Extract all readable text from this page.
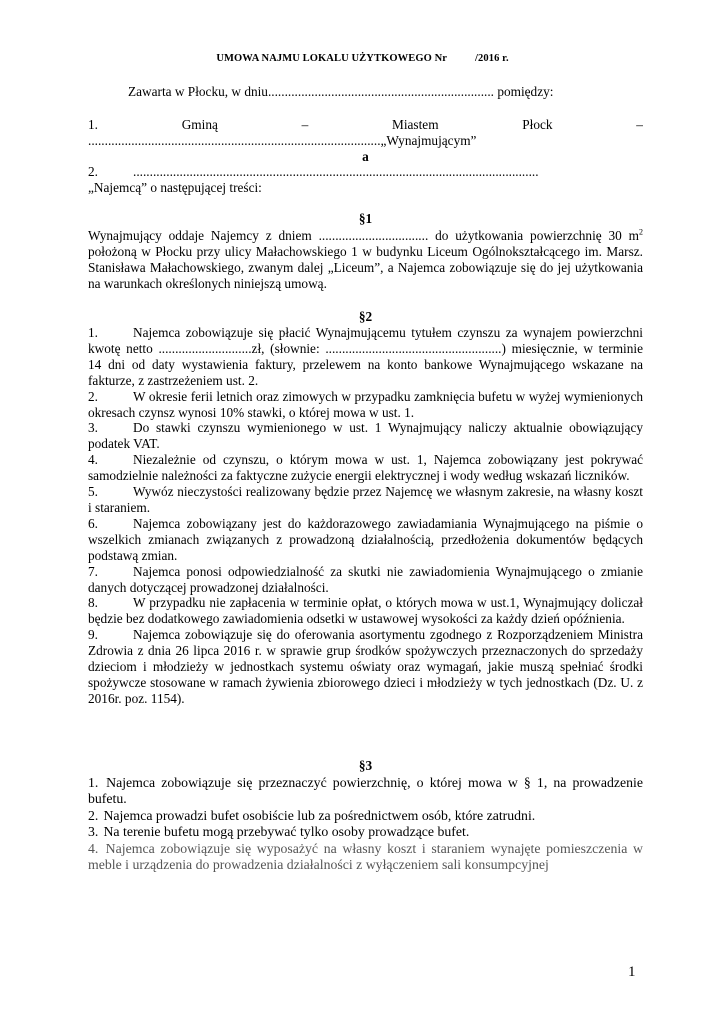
UMOWA NAJMU LOKALU UŻYTKOWEGO Nr	/2016 r.
Zawarta w Płocku, w dniu.................................................................... pomiędzy:
1.	Gminą	–	Miastem	Płock	–
........................................................................................„Wynajmującym”
a
2.	..........................................................................................................................
„Najemcą” o następującej treści:
§1

Wynajmujący oddaje Najemcy z dniem ................................. do użytkowania powierzchnię 30 $m^2$ położoną w Płocku przy ulicy Małachowskiego 1 w budynku Liceum Ogólnokształcącego im. Marsz. Stanisława Małachowskiego, zwanym dalej „Liceum”, a Najemca zobowiązuje się do jej użytkowania na warunkach określonych niniejszą umową.

§2

1.	Najemca zobowiązuje się płacić Wynajmującemu tytułem czynszu za wynajem powierzchni kwotę netto ............................zł, (słownie: .....................................................) miesięcznie, w terminie 14 dni od daty wystawienia faktury, przelewem na konto bankowe Wynajmującego wskazane na fakturze, z zastrzeżeniem ust. 2.

2.	W okresie ferii letnich oraz zimowych w przypadku zamknięcia bufetu w wyżej wymienionych okresach czynsz wynosi 10% stawki, o której mowa w ust. 1.

3.	Do stawki czynszu wymienionego w ust. 1 Wynajmujący naliczy aktualnie obowiązujący podatek VAT.

4.	Niezależnie od czynszu, o którym mowa w ust. 1, Najemca zobowiązany jest pokrywać samodzielnie należności za faktyczne zużycie energii elektrycznej i wody według wskazań liczników.

5.	Wywóz nieczystości realizowany będzie przez Najemcę we własnym zakresie, na własny koszt i staraniem.

6.	Najemca zobowiązany jest do każdorazowego zawiadamiania Wynajmującego na piśmie o wszelkich zmianach związanych z prowadzoną działalnością, przedłożenia dokumentów będących podstawą zmian.

7.	Najemca ponosi odpowiedzialność za skutki nie zawiadomienia Wynajmującego o zmianie danych dotyczącej prowadzonej działalności.

8.	W przypadku nie zapłacenia w terminie opłat, o których mowa w ust.1, Wynajmujący doliczał będzie bez dodatkowego zawiadomienia odsetki w ustawowej wysokości za każdy dzień opóźnienia.

9.	Najemca zobowiązuje się do oferowania asortymentu zgodnego z Rozporządzeniem Ministra Zdrowia z dnia 26 lipca 2016 r. w sprawie grup środków spożywczych przeznaczonych do sprzedaży dzieciom i młodzieży w jednostkach systemu oświaty oraz wymagań, jakie muszą spełniać środki spożywcze stosowane w ramach żywienia zbiorowego dzieci i młodzieży w tych jednostkach (Dz. U. z 2016r. poz. 1154).

§3

1. Najemca zobowiązuje się przeznaczyć powierzchnię, o której mowa w § 1, na prowadzenie bufetu.

2. Najemca prowadzi bufet osobiście lub za pośrednictwem osób, które zatrudni.

3. Na terenie bufetu mogą przebywać tylko osoby prowadzące bufet.

4. Najemca zobowiązuje się wyposażyć na własny koszt i staraniem wynajęte pomieszczenia w meble i urządzenia do prowadzenia działalności z wyłączeniem sali konsumpcyjnej

1
